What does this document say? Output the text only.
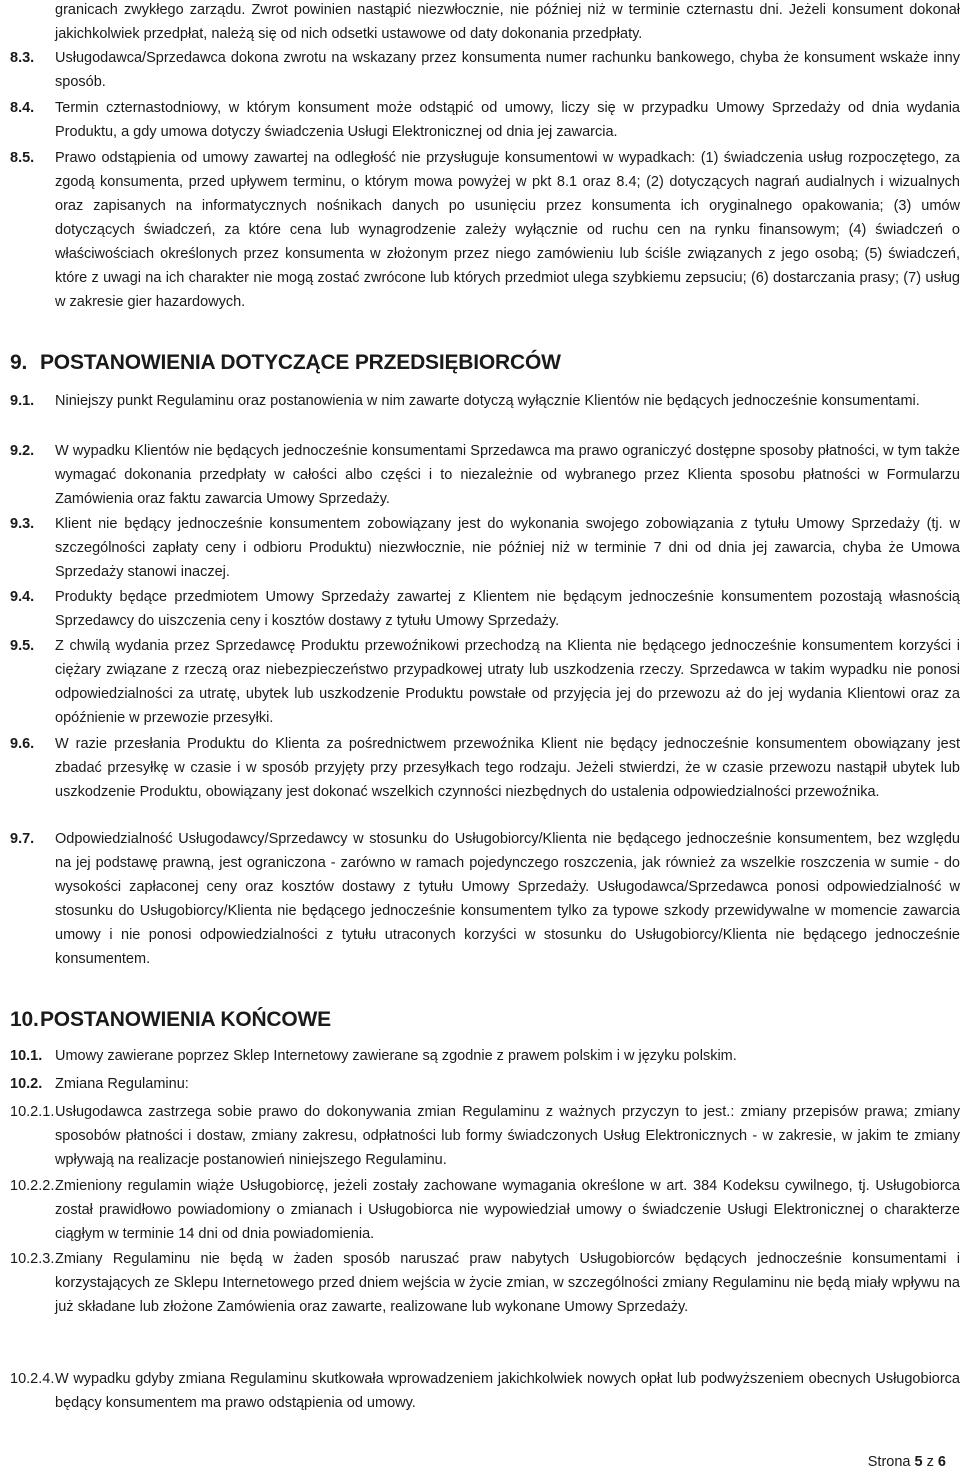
granicach zwykłego zarządu. Zwrot powinien nastąpić niezwłocznie, nie później niż w terminie czternastu dni. Jeżeli konsument dokonał jakichkolwiek przedpłat, należą się od nich odsetki ustawowe od daty dokonania przedpłaty.
8.3.	Usługodawca/Sprzedawca dokona zwrotu na wskazany przez konsumenta numer rachunku bankowego, chyba że konsument wskaże inny sposób.
8.4.	Termin czternastodniowy, w którym konsument może odstąpić od umowy, liczy się w przypadku Umowy Sprzedaży od dnia wydania Produktu, a gdy umowa dotyczy świadczenia Usługi Elektronicznej od dnia jej zawarcia.
8.5.	Prawo odstąpienia od umowy zawartej na odległość nie przysługuje konsumentowi w wypadkach: (1) świadczenia usług rozpoczętego, za zgodą konsumenta, przed upływem terminu, o którym mowa powyżej w pkt 8.1 oraz 8.4; (2) dotyczących nagrań audialnych i wizualnych oraz zapisanych na informatycznych nośnikach danych po usunięciu przez konsumenta ich oryginalnego opakowania; (3) umów dotyczących świadczeń, za które cena lub wynagrodzenie zależy wyłącznie od ruchu cen na rynku finansowym; (4) świadczeń o właściwościach określonych przez konsumenta w złożonym przez niego zamówieniu lub ściśle związanych z jego osobą; (5) świadczeń, które z uwagi na ich charakter nie mogą zostać zwrócone lub których przedmiot ulega szybkiemu zepsuciu; (6) dostarczania prasy; (7) usług w zakresie gier hazardowych.
9. POSTANOWIENIA DOTYCZĄCE PRZEDSIĘBIORCÓW
9.1.	Niniejszy punkt Regulaminu oraz postanowienia w nim zawarte dotyczą wyłącznie Klientów nie będących jednocześnie konsumentami.
9.2.	W wypadku Klientów nie będących jednocześnie konsumentami Sprzedawca ma prawo ograniczyć dostępne sposoby płatności, w tym także wymagać dokonania przedpłaty w całości albo części i to niezależnie od wybranego przez Klienta sposobu płatności w Formularzu Zamówienia oraz faktu zawarcia Umowy Sprzedaży.
9.3.	Klient nie będący jednocześnie konsumentem zobowiązany jest do wykonania swojego zobowiązania z tytułu Umowy Sprzedaży (tj. w szczególności zapłaty ceny i odbioru Produktu) niezwłocznie, nie później niż w terminie 7 dni od dnia jej zawarcia, chyba że Umowa Sprzedaży stanowi inaczej.
9.4.	Produkty będące przedmiotem Umowy Sprzedaży zawartej z Klientem nie będącym jednocześnie konsumentem pozostają własnością Sprzedawcy do uiszczenia ceny i kosztów dostawy z tytułu Umowy Sprzedaży.
9.5.	Z chwilą wydania przez Sprzedawcę Produktu przewoźnikowi przechodzą na Klienta nie będącego jednocześnie konsumentem korzyści i ciężary związane z rzeczą oraz niebezpieczeństwo przypadkowej utraty lub uszkodzenia rzeczy. Sprzedawca w takim wypadku nie ponosi odpowiedzialności za utratę, ubytek lub uszkodzenie Produktu powstałe od przyjęcia jej do przewozu aż do jej wydania Klientowi oraz za opóźnienie w przewozie przesyłki.
9.6.	W razie przesłania Produktu do Klienta za pośrednictwem przewoźnika Klient nie będący jednocześnie konsumentem obowiązany jest zbadać przesyłkę w czasie i w sposób przyjęty przy przesyłkach tego rodzaju. Jeżeli stwierdzi, że w czasie przewozu nastąpił ubytek lub uszkodzenie Produktu, obowiązany jest dokonać wszelkich czynności niezbędnych do ustalenia odpowiedzialności przewoźnika.
9.7.	Odpowiedzialność Usługodawcy/Sprzedawcy w stosunku do Usługobiorcy/Klienta nie będącego jednocześnie konsumentem, bez względu na jej podstawę prawną, jest ograniczona - zarówno w ramach pojedynczego roszczenia, jak również za wszelkie roszczenia w sumie - do wysokości zapłaconej ceny oraz kosztów dostawy z tytułu Umowy Sprzedaży. Usługodawca/Sprzedawca ponosi odpowiedzialność w stosunku do Usługobiorcy/Klienta nie będącego jednocześnie konsumentem tylko za typowe szkody przewidywalne w momencie zawarcia umowy i nie ponosi odpowiedzialności z tytułu utraconych korzyści w stosunku do Usługobiorcy/Klienta nie będącego jednocześnie konsumentem.
10.POSTANOWIENIA KOŃCOWE
10.1. Umowy zawierane poprzez Sklep Internetowy zawierane są zgodnie z prawem polskim i w języku polskim.
10.2. Zmiana Regulaminu:
10.2.1. Usługodawca zastrzega sobie prawo do dokonywania zmian Regulaminu z ważnych przyczyn to jest.: zmiany przepisów prawa; zmiany sposobów płatności i dostaw, zmiany zakresu, odpłatności lub formy świadczonych Usług Elektronicznych - w zakresie, w jakim te zmiany wpływają na realizacje postanowień niniejszego Regulaminu.
10.2.2. Zmieniony regulamin wiąże Usługobiorcę, jeżeli zostały zachowane wymagania określone w art. 384 Kodeksu cywilnego, tj. Usługobiorca został prawidłowo powiadomiony o zmianach i Usługobiorca nie wypowiedział umowy o świadczenie Usługi Elektronicznej o charakterze ciągłym w terminie 14 dni od dnia powiadomienia.
10.2.3. Zmiany Regulaminu nie będą w żaden sposób naruszać praw nabytych Usługobiorców będących jednocześnie konsumentami i korzystających ze Sklepu Internetowego przed dniem wejścia w życie zmian, w szczególności zmiany Regulaminu nie będą miały wpływu na już składane lub złożone Zamówienia oraz zawarte, realizowane lub wykonane Umowy Sprzedaży.
10.2.4. W wypadku gdyby zmiana Regulaminu skutkowała wprowadzeniem jakichkolwiek nowych opłat lub podwyższeniem obecnych Usługobiorca będący konsumentem ma prawo odstąpienia od umowy.
Strona 5 z 6
